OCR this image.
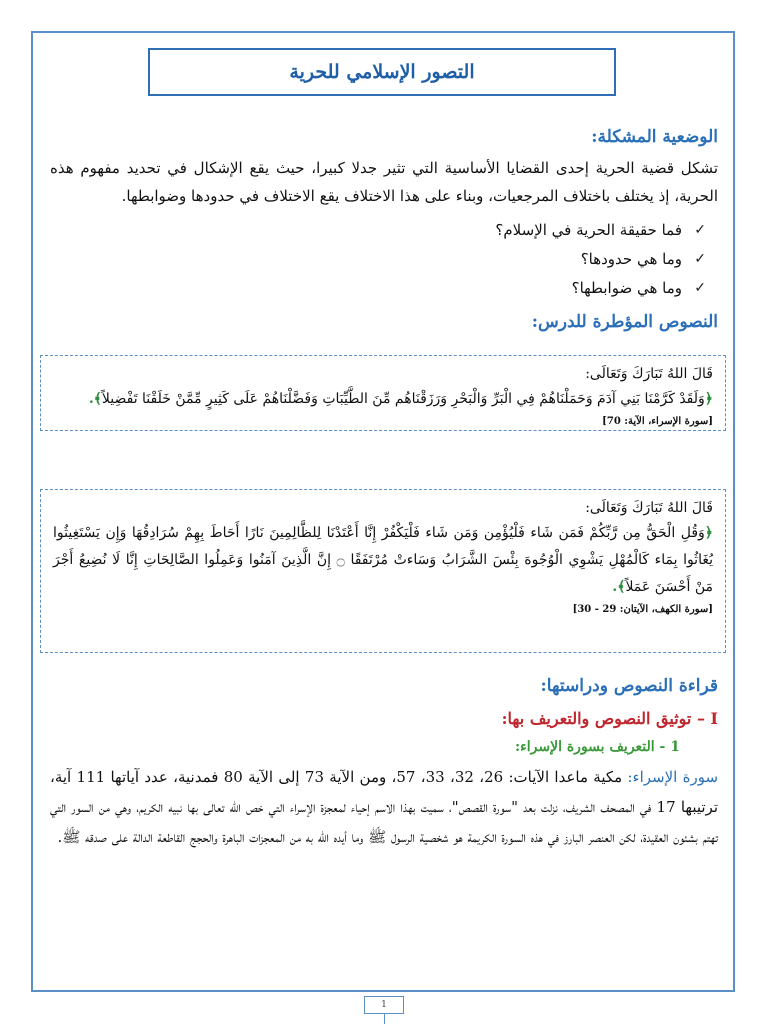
التصور الإسلامي للحرية
الوضعية المشكلة:
تشكل قضية الحرية إحدى القضايا الأساسية التي تثير جدلا كبيرا، حيث يقع الإشكال في تحديد مفهوم هذه الحرية، إذ يختلف باختلاف المرجعيات، وبناء على هذا الاختلاف يقع الاختلاف في حدودها وضوابطها.
✓
فما حقيقة الحرية في الإسلام؟
✓
وما هي حدودها؟
✓
وما هي ضوابطها؟
النصوص المؤطرة للدرس:
قَالَ اللهُ تَبَارَكَ وَتَعَالَى:
﴿وَلَقَدْ كَرَّمْنَا بَنِي آدَمَ وَحَمَلْنَاهُمْ فِي الْبَرِّ وَالْبَحْرِ وَرَزَقْنَاهُم مِّنَ الطَّيِّبَاتِ وَفَضَّلْنَاهُمْ عَلَى كَثِيرٍ مِّمَّنْ خَلَقْنَا تَفْضِيلاً﴾.
[سورة الإسراء، الآية: 70]
قَالَ اللهُ تَبَارَكَ وَتَعَالَى:
﴿وَقُلِ الْحَقُّ مِن رَّبِّكُمْ فَمَن شَاء فَلْيُؤْمِن وَمَن شَاء فَلْيَكْفُرْ إِنَّا أَعْتَدْنَا لِلظَّالِمِينَ نَارًا أَحَاطَ بِهِمْ سُرَادِقُهَا وَإِن يَسْتَغِيثُوا يُغَاثُوا بِمَاء كَالْمُهْلِ يَشْوِي الْوُجُوهَ بِئْسَ الشَّرَابُ وَسَاءتْ مُرْتَفَقًا ۝ إِنَّ الَّذِينَ آمَنُوا وَعَمِلُوا الصَّالِحَاتِ إِنَّا لَا نُضِيعُ أَجْرَ مَنْ أَحْسَنَ عَمَلاً﴾.
[سورة الكهف، الآيتان: 29 - 30]
قراءة النصوص ودراستها:
I – توثيق النصوص والتعريف بها:
1 - التعريف بسورة الإسراء:
سورة الإسراء: مكية ماعدا الآيات: 26، 32، 33، 57، ومن الآية 73 إلى الآية 80 فمدنية، عدد آياتها 111 آية، ترتيبها 17 في المصحف الشريف، نزلت بعد "سورة القصص"، سميت بهذا الاسم إحياء لمعجزة الإسراء التي خص الله تعالى بها نبيه الكريم، وهي من السور التي تهتم بشئون العقيدة، لكن العنصر البارز في هذه السورة الكريمة هو شخصية الرسول ﷺ وما أيده الله به من المعجزات الباهرة والحجج القاطعة الدالة على صدقه ﷺ.
1
